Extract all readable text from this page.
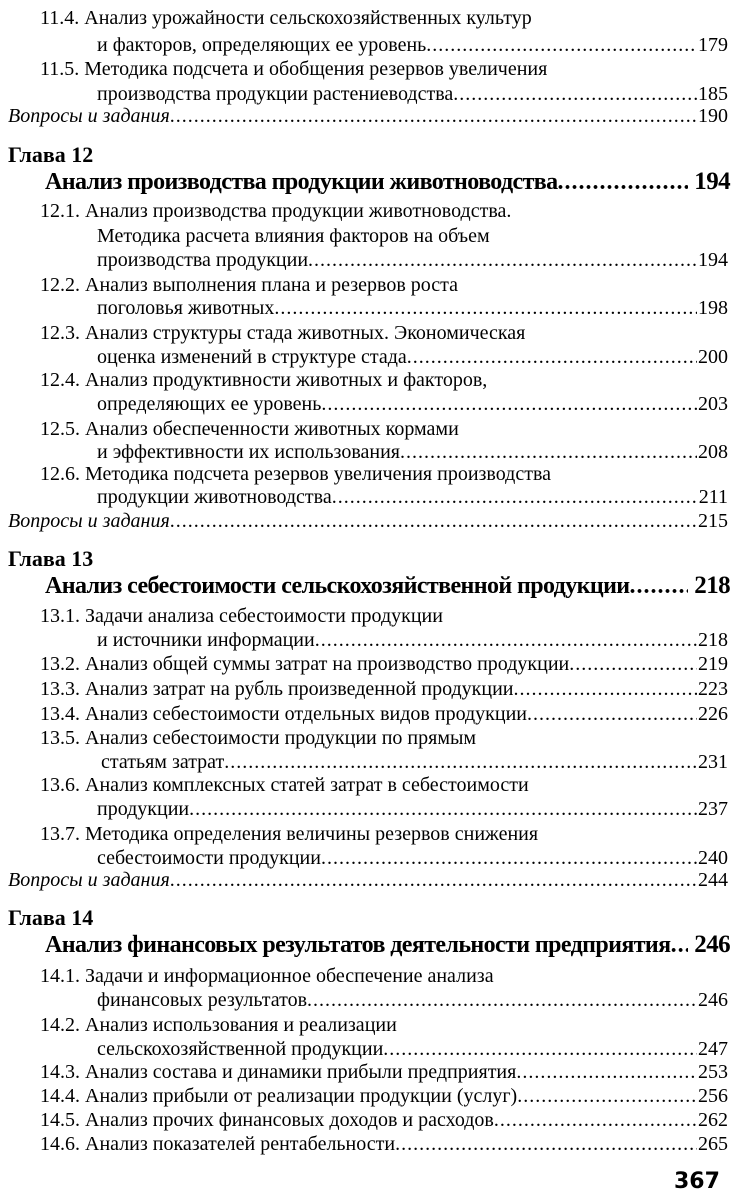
11.4. Анализ урожайности сельскохозяйственных культур
и факторов, определяющих ее уровень .....	179
11.5. Методика подсчета и обобщения резервов увеличения
производства продукции растениеводства .....	185
Вопросы и задания .....	190
Глава 12
Анализ производства продукции животноводства .....	194
12.1. Анализ производства продукции животноводства.
Методика расчета влияния факторов на объем
производства продукции .....	194
12.2. Анализ выполнения плана и резервов роста
поголовья животных .....	198
12.3. Анализ структуры стада животных. Экономическая
оценка изменений в структуре стада .....	200
12.4. Анализ продуктивности животных и факторов,
определяющих ее уровень .....	203
12.5. Анализ обеспеченности животных кормами
и эффективности их использования .....	208
12.6. Методика подсчета резервов увеличения производства
продукции животноводства .....	211
Вопросы и задания .....	215
Глава 13
Анализ себестоимости сельскохозяйственной продукции .....	218
13.1. Задачи анализа себестоимости продукции
и источники информации .....	218
13.2. Анализ общей суммы затрат на производство продукции .....	219
13.3. Анализ затрат на рубль произведенной продукции .....	223
13.4. Анализ себестоимости отдельных видов продукции .....	226
13.5. Анализ себестоимости продукции по прямым
статьям затрат .....	231
13.6. Анализ комплексных статей затрат в себестоимости
продукции .....	237
13.7. Методика определения величины резервов снижения
себестоимости продукции .....	240
Вопросы и задания .....	244
Глава 14
Анализ финансовых результатов деятельности предприятия ..... 246
14.1. Задачи и информационное обеспечение анализа
финансовых результатов .....	246
14.2. Анализ использования и реализации
сельскохозяйственной продукции .....	247
14.3. Анализ состава и динамики прибыли предприятия .....	253
14.4. Анализ прибыли от реализации продукции (услуг) .....	256
14.5. Анализ прочих финансовых доходов и расходов .....	262
14.6. Анализ показателей рентабельности .....	265
367
